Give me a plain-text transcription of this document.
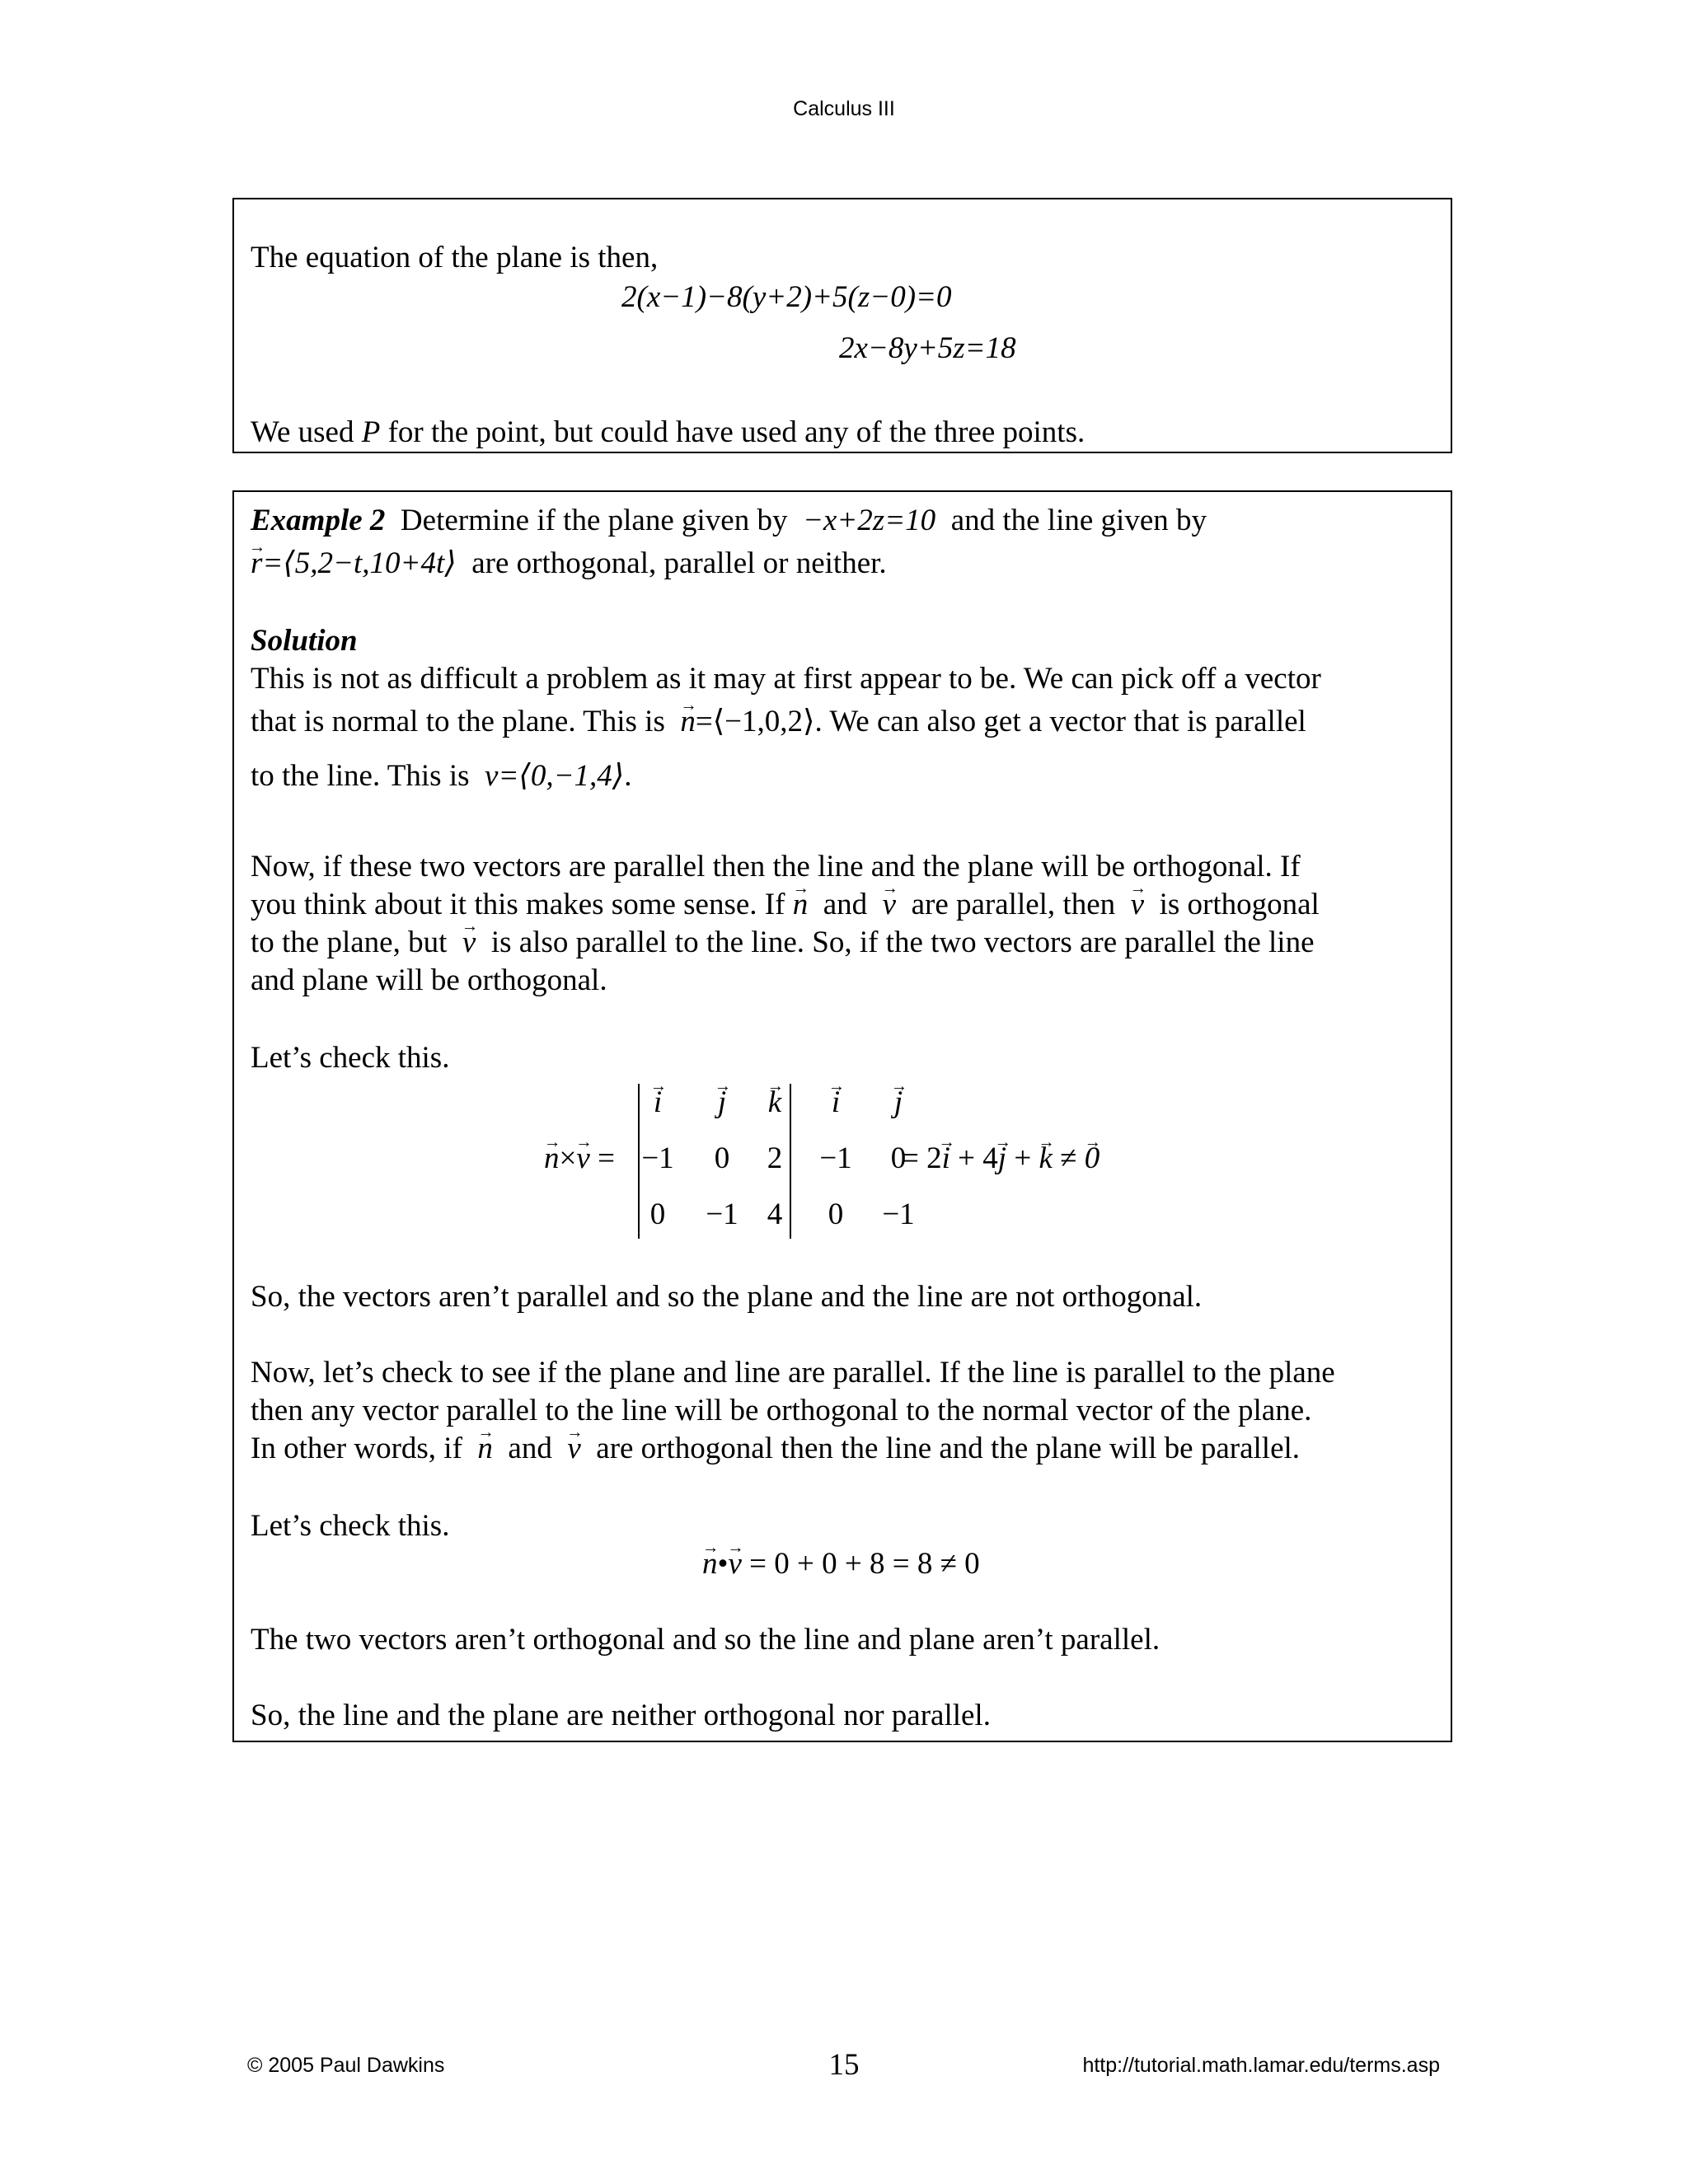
Calculus III
The equation of the plane is then,
2(x−1)−8(y+2)+5(z−0)=0
2x−8y+5z=18
We used P for the point, but could have used any of the three points.
Example 2 Determine if the plane given by −x+2z=10 and the line given by
r →=⟨5,2−t,10+4t⟩ are orthogonal, parallel or neither.
Solution
This is not as difficult a problem as it may at first appear to be. We can pick off a vector
that is normal to the plane. This is n →=⟨−1,0,2⟩. We can also get a vector that is parallel
to the line. This is v=⟨0,−1,4⟩.
Now, if these two vectors are parallel then the line and the plane will be orthogonal. If
you think about it this makes some sense. If n → and v → are parallel, then v → is orthogonal
to the plane, but v → is also parallel to the line. So, if the two vectors are parallel the line
and plane will be orthogonal.
Let’s check this.
n →×v → =
i → j → k → i → j →
−1 0 2 −1 0
0 −1 4 0 −1
= 2i → + 4j → + k → ≠ 0 →
So, the vectors aren’t parallel and so the plane and the line are not orthogonal.
Now, let’s check to see if the plane and line are parallel. If the line is parallel to the plane
then any vector parallel to the line will be orthogonal to the normal vector of the plane.
In other words, if n → and v → are orthogonal then the line and the plane will be parallel.
Let’s check this.
n →•v → = 0 + 0 + 8 = 8 ≠ 0
The two vectors aren’t orthogonal and so the line and plane aren’t parallel.
So, the line and the plane are neither orthogonal nor parallel.
© 2005 Paul Dawkins	15	http://tutorial.math.lamar.edu/terms.asp
